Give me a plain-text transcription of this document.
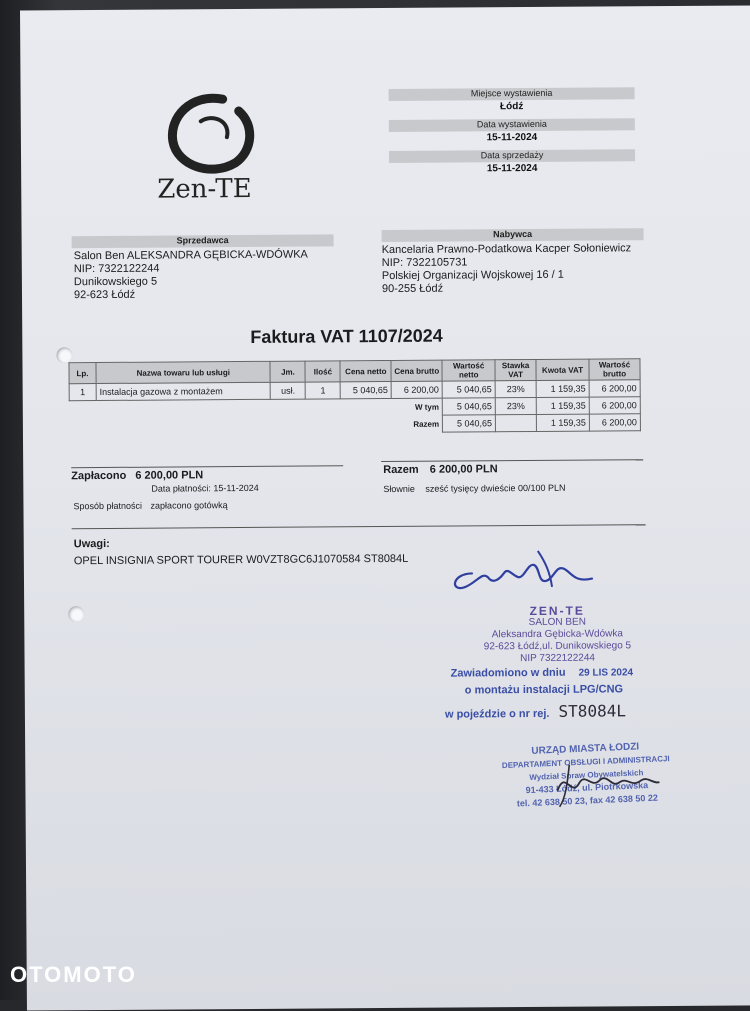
Zen-TE
Miejsce wystawienia
Łódź
Data wystawienia
15-11-2024
Data sprzedaży
15-11-2024
Sprzedawca
Salon Ben ALEKSANDRA GĘBICKA-WDÓWKA
NIP: 7322122244
Dunikowskiego 5
92-623 Łódź
Nabywca
Kancelaria Prawno-Podatkowa Kacper Sołoniewicz
NIP: 7322105731
Polskiej Organizacji Wojskowej 16 / 1
90-255 Łódź
Faktura VAT 1107/2024
Lp.	Nazwa towaru lub usługi	Jm.	Ilość	Cena netto	Cena brutto	Wartość netto	Stawka VAT	Kwota VAT	Wartość brutto
1	Instalacja gazowa z montażem	usł.	1	5 040,65	6 200,00	5 040,65	23%	1 159,35	6 200,00
W tym						5 040,65	23%	1 159,35	6 200,00
Razem						5 040,65		1 159,35	6 200,00
Zapłacono 6 200,00 PLN
Data płatności: 15-11-2024
Sposób płatności zapłacono gotówką
Razem 6 200,00 PLN
Słownie sześć tysięcy dwieście 00/100 PLN
Uwagi:
OPEL INSIGNIA SPORT TOURER W0VZT8GC6J1070584 ST8084L
ZEN-TE
SALON BEN
Aleksandra Gębicka-Wdówka
92-623 Łódź,ul. Dunikowskiego 5
NIP 7322122244
Zawiadomiono w dniu 29 LIS 2024
o montażu instalacji LPG/CNG
w pojeździe o nr rej. ST8084L
URZĄD MIASTA ŁODZI
DEPARTAMENT OBSŁUGI I ADMINISTRACJI
Wydział Spraw Obywatelskich
91-433 Łódź, ul. Piotrkowska
tel. 42 638 50 23, fax 42 638 50 22
OTOMOTO
